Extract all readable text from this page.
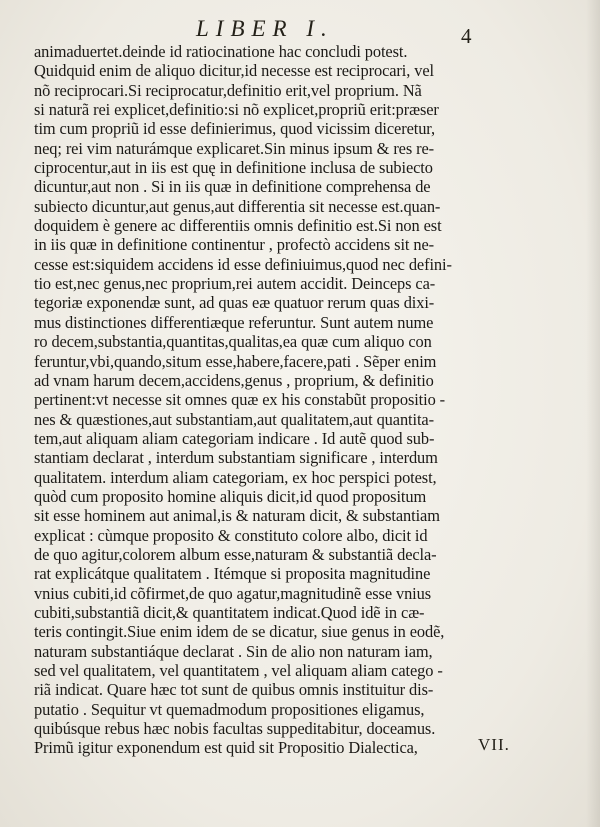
LIBER I.	4
animaduertet.deinde id ratiocinatione hac concludi potest.
Quidquid enim de aliquo dicitur,id necesse est reciprocari, vel
nõ reciprocari.Si reciprocatur,definitio erit,vel proprium. Nã
si naturã rei explicet,definitio:si nõ explicet,propriũ erit:præser
tim cum propriũ id esse definierimus, quod vicissim diceretur,
neq; rei vim naturámque explicaret.Sin minus ipsum & res re-
ciprocentur,aut in iis est quę in definitione inclusa de subiecto
dicuntur,aut non . Si in iis quæ in definitione comprehensa de
subiecto dicuntur,aut genus,aut differentia sit necesse est.quan-
doquidem è genere ac differentiis omnis definitio est.Si non est
in iis quæ in definitione continentur , profectò accidens sit ne-
cesse est:siquidem accidens id esse definiuimus,quod nec defini-
tio est,nec genus,nec proprium,rei autem accidit. Deinceps ca-
tegoriæ exponendæ sunt, ad quas eæ quatuor rerum quas dixi-
mus distinctiones differentiæque referuntur. Sunt autem nume
ro decem,substantia,quantitas,qualitas,ea quæ cum aliquo con
feruntur,vbi,quando,situm esse,habere,facere,pati . Sẽper enim
ad vnam harum decem,accidens,genus , proprium, & definitio
pertinent:vt necesse sit omnes quæ ex his constabũt propositio -
nes & quæstiones,aut substantiam,aut qualitatem,aut quantita-
tem,aut aliquam aliam categoriam indicare . Id autẽ quod sub-
stantiam declarat , interdum substantiam significare , interdum
qualitatem. interdum aliam categoriam, ex hoc perspici potest,
quòd cum proposito homine aliquis dicit,id quod propositum
sit esse hominem aut animal,is & naturam dicit, & substantiam
explicat : cùmque proposito & constituto colore albo, dicit id
de quo agitur,colorem album esse,naturam & substantiã decla-
rat explicátque qualitatem . Itémque si proposita magnitudine
vnius cubiti,id cõfirmet,de quo agatur,magnitudinẽ esse vnius
cubiti,substantiã dicit,& quantitatem indicat.Quod idẽ in cæ-
teris contingit.Siue enim idem de se dicatur, siue genus in eodẽ,
naturam substantiáque declarat . Sin de alio non naturam iam,
sed vel qualitatem, vel quantitatem , vel aliquam aliam catego -
riã indicat. Quare hæc tot sunt de quibus omnis instituitur dis-
putatio . Sequitur vt quemadmodum propositiones eligamus,
quibúsque rebus hæc nobis facultas suppeditabitur, doceamus.
Primũ igitur exponendum est quid sit Propositio Dialectica,	VII.
